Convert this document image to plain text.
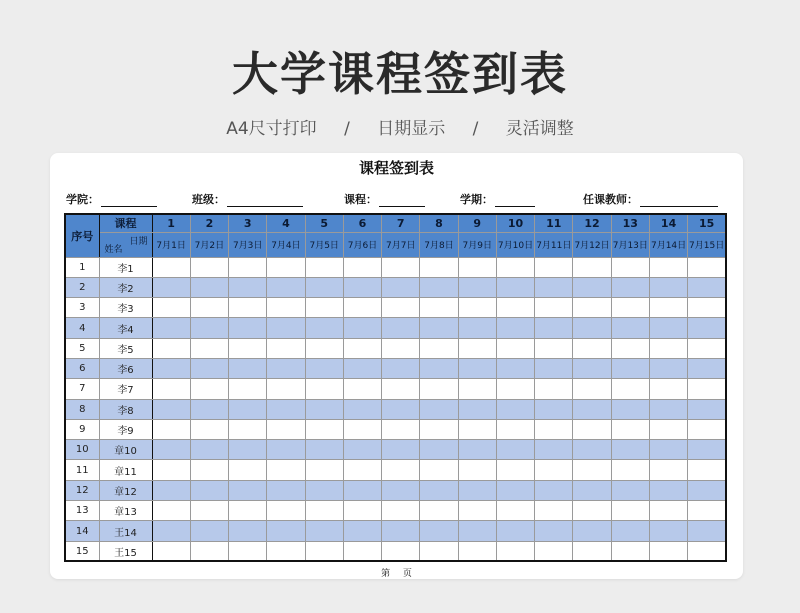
大学课程签到表
A4尺寸打印 / 日期显示 / 灵活调整
课程签到表
学院：	班级：	课程：	学期：	任课教师：
序号	课程	1	2	3	4	5	6	7	8	9	10	11	12	13	14	15

	日期
姓名	7月1日	7月2日	7月3日	7月4日	7月5日	7月6日	7月7日	7月8日	7月9日	7月10日	7月11日	7月12日	7月13日	7月14日	7月15日
1	李1															
2	李2															
3	李3															
4	李4															
5	李5															
6	李6															
7	李7															
8	李8															
9	李9															
10	章10															
11	章11															
12	章12															
13	章13															
14	王14															
15	王15															
第 页
